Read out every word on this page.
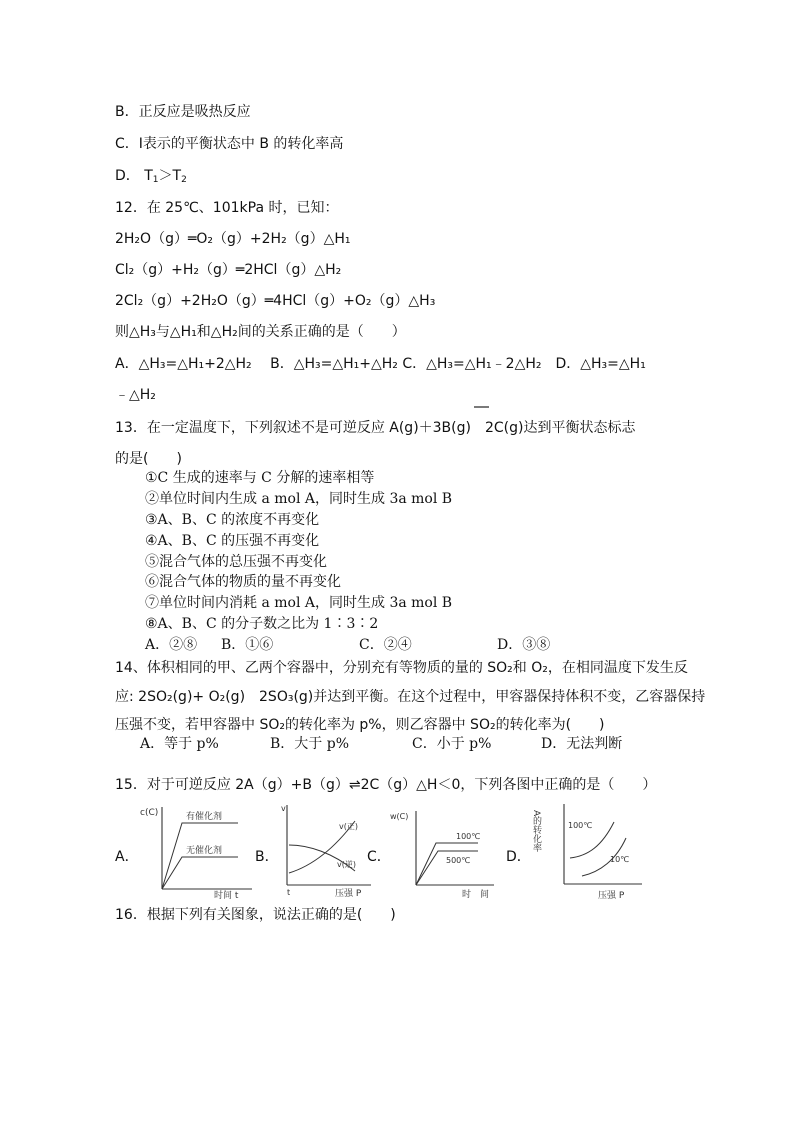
B．正反应是吸热反应
C．Ⅰ表示的平衡状态中 B 的转化率高
D． $T_1>T_2$
12．在 25℃、101kPa 时，已知：
2H₂O（g）═O₂（g）+2H₂（g）△H₁
Cl₂（g）+H₂（g）═2HCl（g）△H₂
2Cl₂（g）+2H₂O（g）═4HCl（g）+O₂（g）△H₃
则△H₃与△H₁和△H₂间的关系正确的是（　　）
A．△H₃=△H₁+2△H₂　 B．△H₃=△H₁+△H₂ C．△H₃=△H₁﹣2△H₂　D．△H₃=△H₁
﹣△H₂
13．在一定温度下，下列叙述不是可逆反应 A(g)＋3B(g)　2C(g)达到平衡状态标志
的是(　　)
①C 生成的速率与 C 分解的速率相等
②单位时间内生成 a mol A，同时生成 3a mol B
③A、B、C 的浓度不再变化
④A、B、C 的压强不再变化
⑤混合气体的总压强不再变化
⑥混合气体的物质的量不再变化
⑦单位时间内消耗 a mol A，同时生成 3a mol B
⑧A、B、C 的分子数之比为 1∶3∶2
A．②⑧ B．①⑥	C．②④	D．③⑧
14、体积相同的甲、乙两个容器中，分别充有等物质的量的 SO₂和 O₂，在相同温度下发生反
应: 2SO₂(g)+ O₂(g)　2SO₃(g)并达到平衡。在这个过程中，甲容器保持体积不变，乙容器保持
压强不变，若甲容器中 SO₂的转化率为 p%，则乙容器中 SO₂的转化率为(　　)
A．等于 p%	B．大于 p%	C．小于 p%	D．无法判断
15．对于可逆反应 2A（g）+B（g）⇌2C（g）△H＜0，下列各图中正确的是（　　）
A．
c(C)	有催化剂
无催化剂
时间 t
B．
v
v(正)
v(逆)
t	压强 P
C．
w(C)
100℃
500℃
时　间
D．
A的转化率	100℃
10℃
压强 P
16．根据下列有关图象，说法正确的是(　　)
